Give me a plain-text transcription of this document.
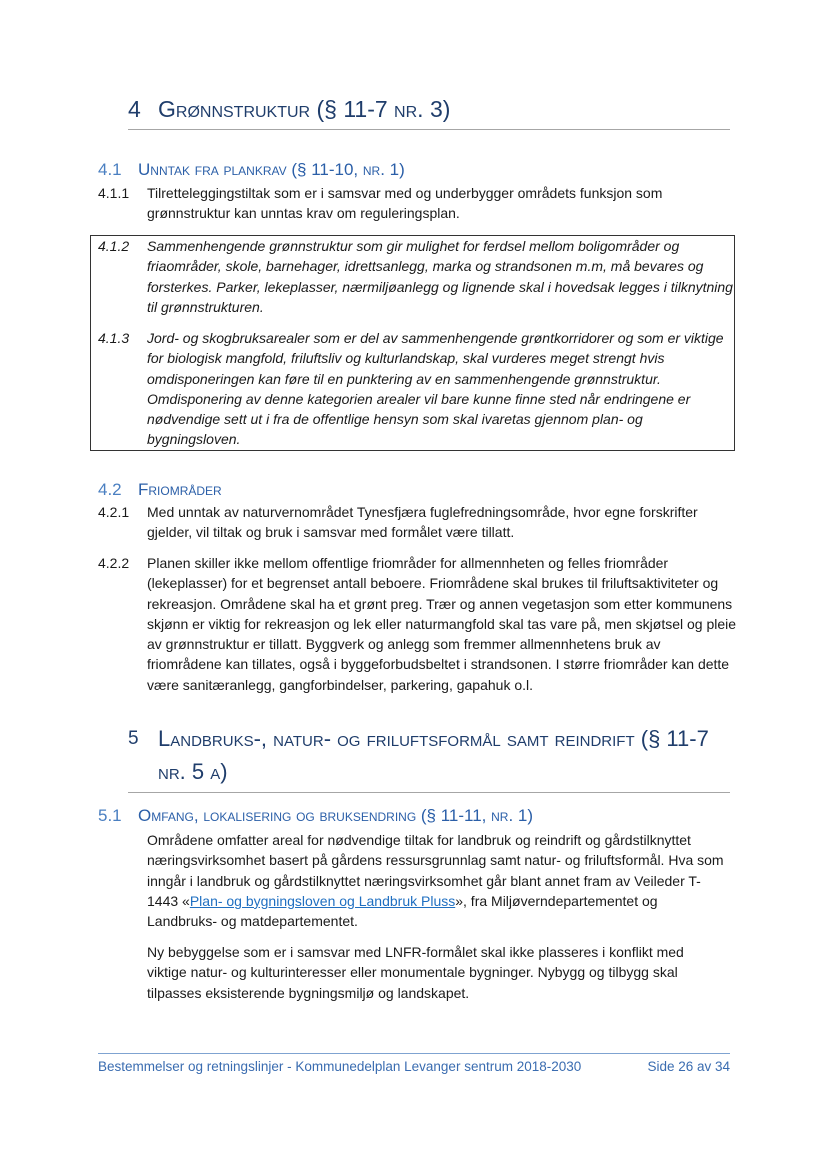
4 Grønnstruktur (§ 11-7 nr. 3)
4.1 Unntak fra plankrav (§ 11-10, nr. 1)
4.1.1 Tilretteleggingstiltak som er i samsvar med og underbygger områdets funksjon som grønnstruktur kan unntas krav om reguleringsplan.
4.1.2 Sammenhengende grønnstruktur som gir mulighet for ferdsel mellom boligområder og friaområder, skole, barnehager, idrettsanlegg, marka og strandsonen m.m, må bevares og forsterkes. Parker, lekeplasser, nærmiljøanlegg og lignende skal i hovedsak legges i tilknytning til grønnstrukturen.
4.1.3 Jord- og skogbruksarealer som er del av sammenhengende grøntkorridorer og som er viktige for biologisk mangfold, friluftsliv og kulturlandskap, skal vurderes meget strengt hvis omdisponeringen kan føre til en punktering av en sammenhengende grønnstruktur. Omdisponering av denne kategorien arealer vil bare kunne finne sted når endringene er nødvendige sett ut i fra de offentlige hensyn som skal ivaretas gjennom plan- og bygningsloven.
4.2 Friområder
4.2.1 Med unntak av naturvernområdet Tynesfjæra fuglefredningsområde, hvor egne forskrifter gjelder, vil tiltak og bruk i samsvar med formålet være tillatt.
4.2.2 Planen skiller ikke mellom offentlige friområder for allmennheten og felles friområder (lekeplasser) for et begrenset antall beboere. Friområdene skal brukes til friluftsaktiviteter og rekreasjon. Områdene skal ha et grønt preg. Trær og annen vegetasjon som etter kommunens skjønn er viktig for rekreasjon og lek eller naturmangfold skal tas vare på, men skjøtsel og pleie av grønnstruktur er tillatt. Byggverk og anlegg som fremmer allmennhetens bruk av friområdene kan tillates, også i byggeforbudsbeltet i strandsonen. I større friområder kan dette være sanitæranlegg, gangforbindelser, parkering, gapahuk o.l.
5 Landbruks-, natur- og friluftsformål samt reindrift (§ 11-7 nr. 5 a)
5.1 Omfang, lokalisering og bruksendring (§ 11-11, nr. 1)
Områdene omfatter areal for nødvendige tiltak for landbruk og reindrift og gårdstilknyttet næringsvirksomhet basert på gårdens ressursgrunnlag samt natur- og friluftsformål. Hva som inngår i landbruk og gårdstilknyttet næringsvirksomhet går blant annet fram av Veileder T-1443 «Plan- og bygningsloven og Landbruk Pluss», fra Miljøverndepartementet og Landbruks- og matdepartementet.
Ny bebyggelse som er i samsvar med LNFR-formålet skal ikke plasseres i konflikt med viktige natur- og kulturinteresser eller monumentale bygninger. Nybygg og tilbygg skal tilpasses eksisterende bygningsmiljø og landskapet.
Bestemmelser og retningslinjer - Kommunedelplan Levanger sentrum 2018-2030	Side 26 av 34
